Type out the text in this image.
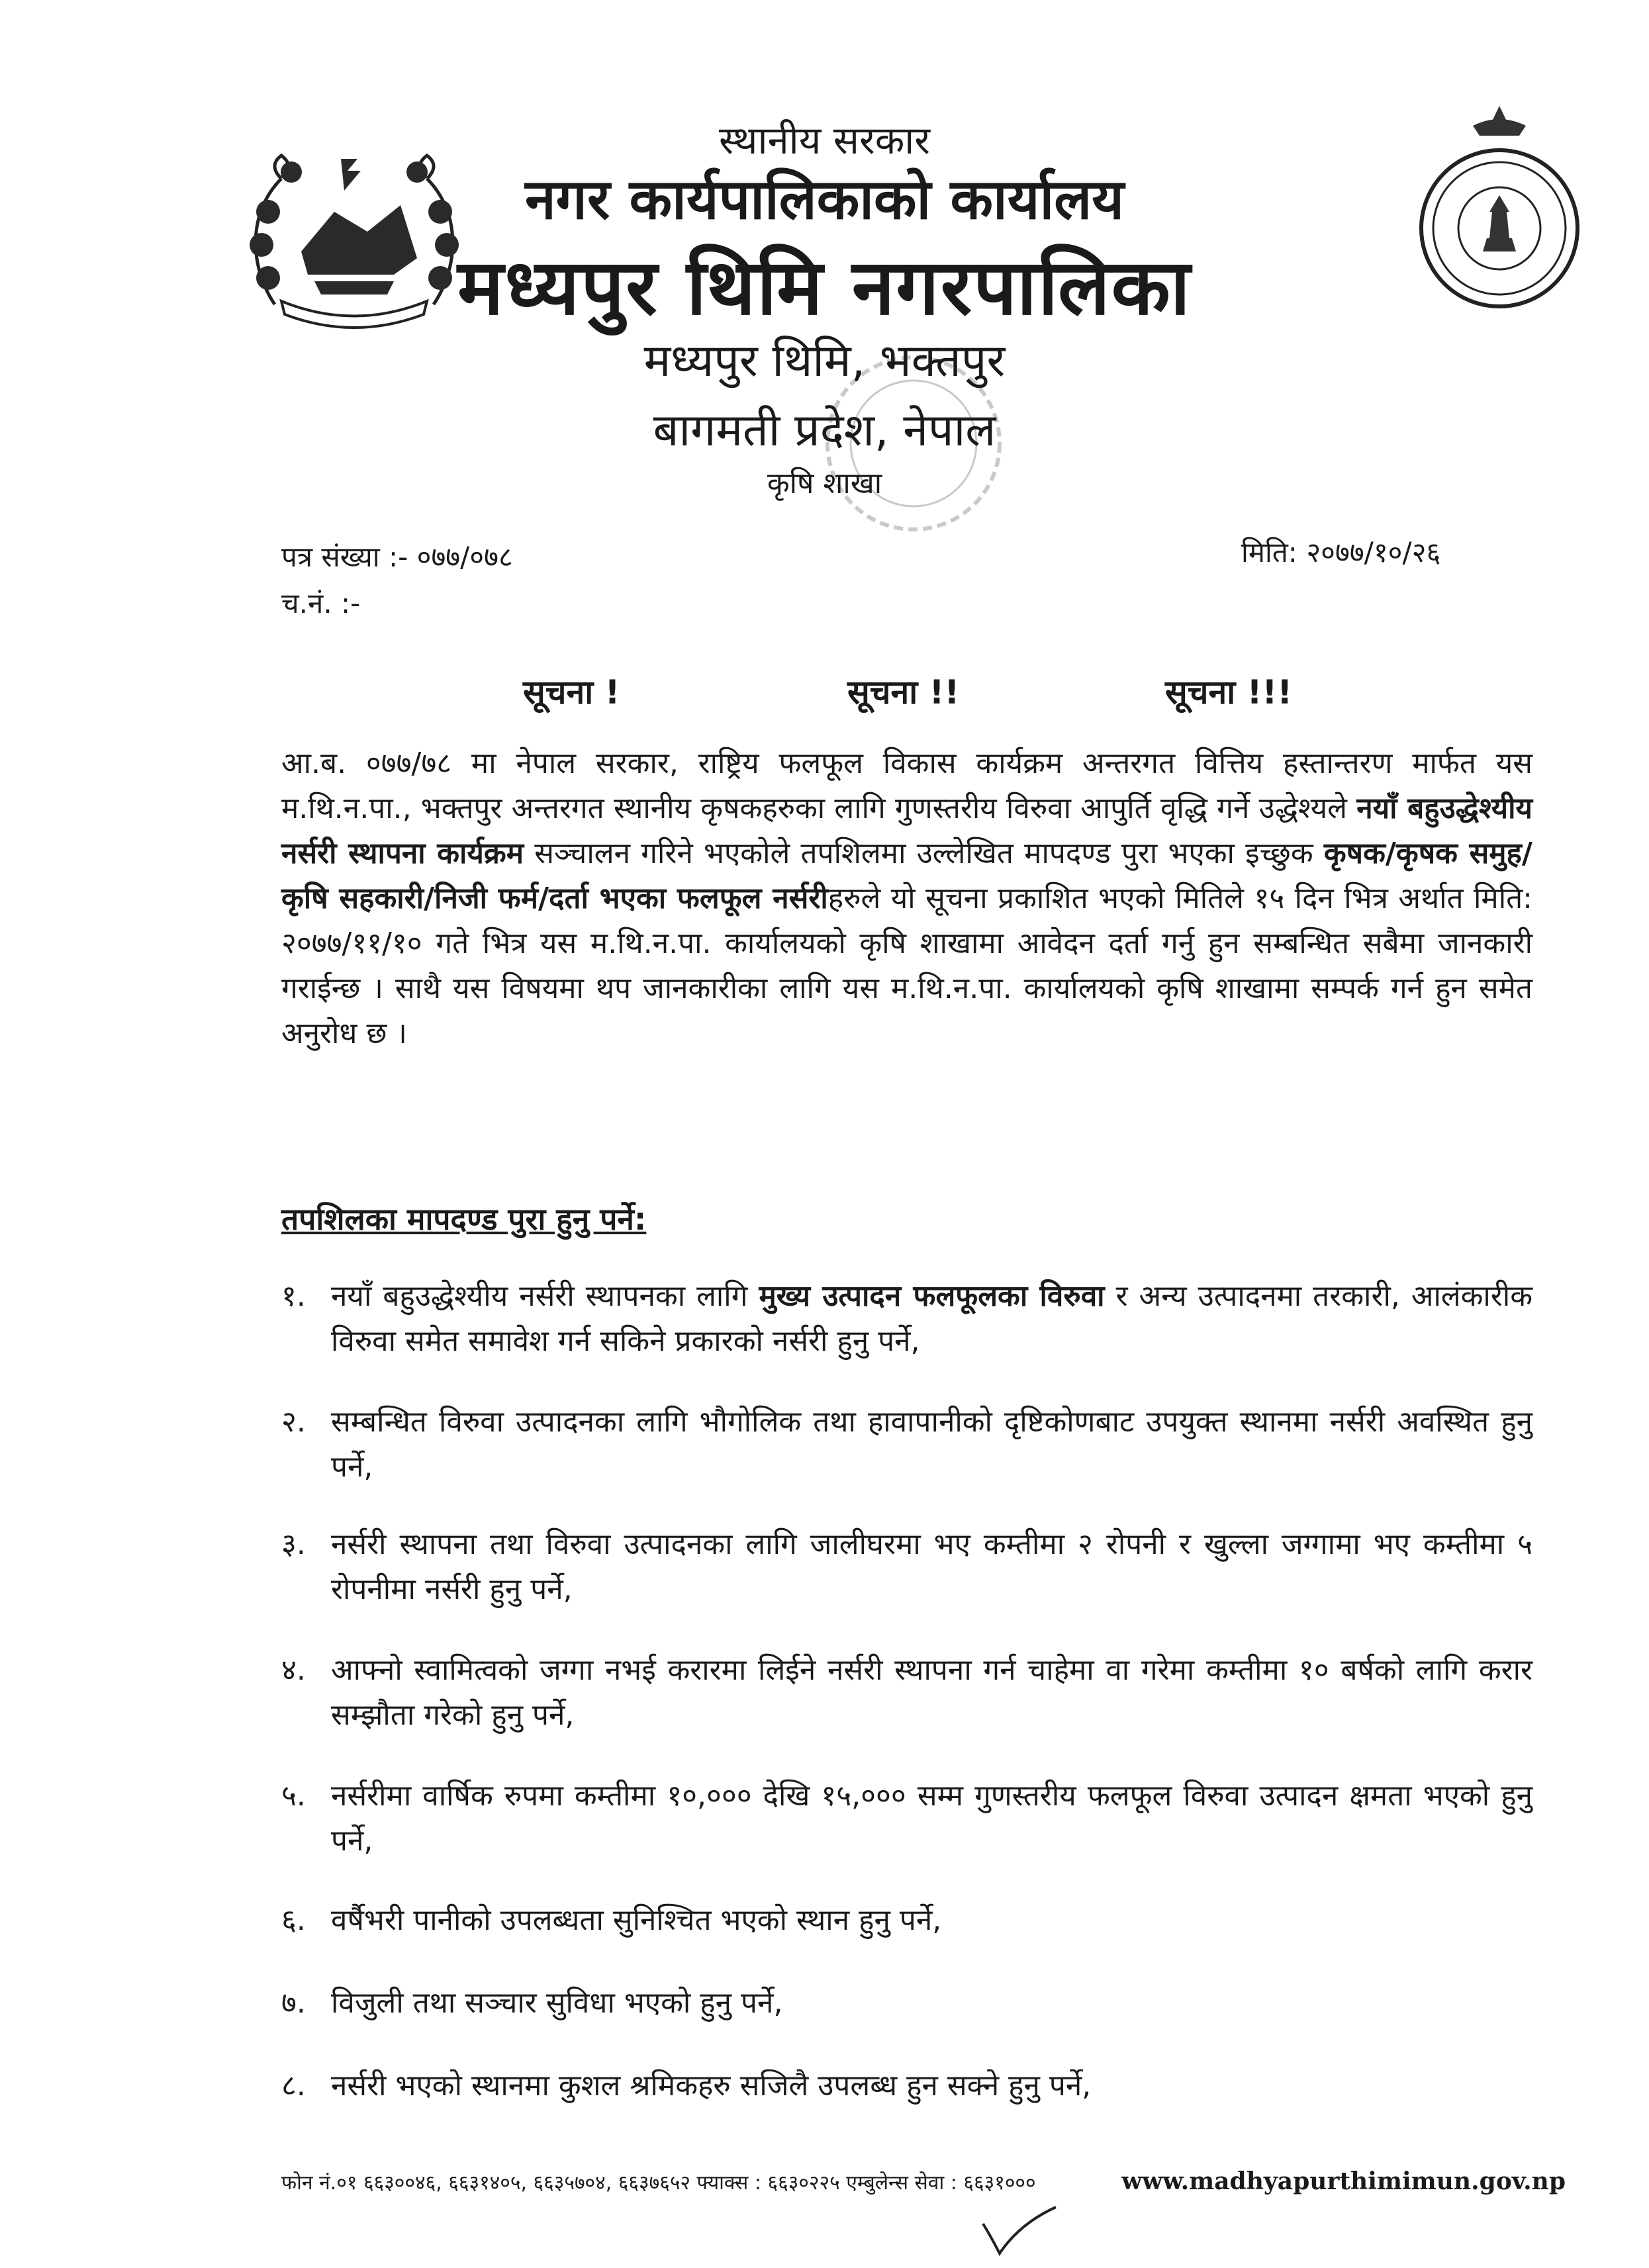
स्थानीय सरकार
नगर कार्यपालिकाको कार्यालय
मध्यपुर थिमि नगरपालिका
मध्यपुर थिमि, भक्तपुर
बागमती प्रदेश, नेपाल
कृषि शाखा
पत्र संख्या :- ०७७/०७८
च.नं. :-
मिति: २०७७/१०/२६
सूचना !	सूचना !!	सूचना !!!

आ.ब. ०७७/७८ मा नेपाल सरकार, राष्ट्रिय फलफूल विकास कार्यक्रम अन्तरगत वित्तिय हस्तान्तरण मार्फत यस म.थि.न.पा., भक्तपुर अन्तरगत स्थानीय कृषकहरुका लागि गुणस्तरीय विरुवा आपुर्ति वृद्धि गर्ने उद्धेश्यले नयाँ बहुउद्धेश्यीय नर्सरी स्थापना कार्यक्रम सञ्चालन गरिने भएकोले तपशिलमा उल्लेखित मापदण्ड पुरा भएका इच्छुक कृषक/कृषक समुह/कृषि सहकारी/निजी फर्म/दर्ता भएका फलफूल नर्सरीहरुले यो सूचना प्रकाशित भएको मितिले १५ दिन भित्र अर्थात मिति: २०७७/११/१० गते भित्र यस म.थि.न.पा. कार्यालयको कृषि शाखामा आवेदन दर्ता गर्नु हुन सम्बन्धित सबैमा जानकारी गराईन्छ । साथै यस विषयमा थप जानकारीका लागि यस म.थि.न.पा. कार्यालयको कृषि शाखामा सम्पर्क गर्न हुन समेत अनुरोध छ ।

तपशिलका मापदण्ड पुरा हुनु पर्ने:
१. नयाँ बहुउद्धेश्यीय नर्सरी स्थापनका लागि मुख्य उत्पादन फलफूलका विरुवा र अन्य उत्पादनमा तरकारी, आलंकारीक विरुवा समेत समावेश गर्न सकिने प्रकारको नर्सरी हुनु पर्ने,
२. सम्बन्धित विरुवा उत्पादनका लागि भौगोलिक तथा हावापानीको दृष्टिकोणबाट उपयुक्त स्थानमा नर्सरी अवस्थित हुनु पर्ने,
३. नर्सरी स्थापना तथा विरुवा उत्पादनका लागि जालीघरमा भए कम्तीमा २ रोपनी र खुल्ला जग्गामा भए कम्तीमा ५ रोपनीमा नर्सरी हुनु पर्ने,
४. आफ्नो स्वामित्वको जग्गा नभई करारमा लिईने नर्सरी स्थापना गर्न चाहेमा वा गरेमा कम्तीमा १० बर्षको लागि करार सम्झौता गरेको हुनु पर्ने,
५. नर्सरीमा वार्षिक रुपमा कम्तीमा १०,००० देखि १५,००० सम्म गुणस्तरीय फलफूल विरुवा उत्पादन क्षमता भएको हुनु पर्ने,
६. वर्षैभरी पानीको उपलब्धता सुनिश्चित भएको स्थान हुनु पर्ने,
७. विजुली तथा सञ्चार सुविधा भएको हुनु पर्ने,
८. नर्सरी भएको स्थानमा कुशल श्रमिकहरु सजिलै उपलब्ध हुन सक्ने हुनु पर्ने,
फोन नं.०१ ६६३००४६, ६६३१४०५, ६६३५७०४, ६६३७६५२ फ्याक्स : ६६३०२२५ एम्बुलेन्स सेवा : ६६३१०००	www.madhyapurthimimun.gov.np
